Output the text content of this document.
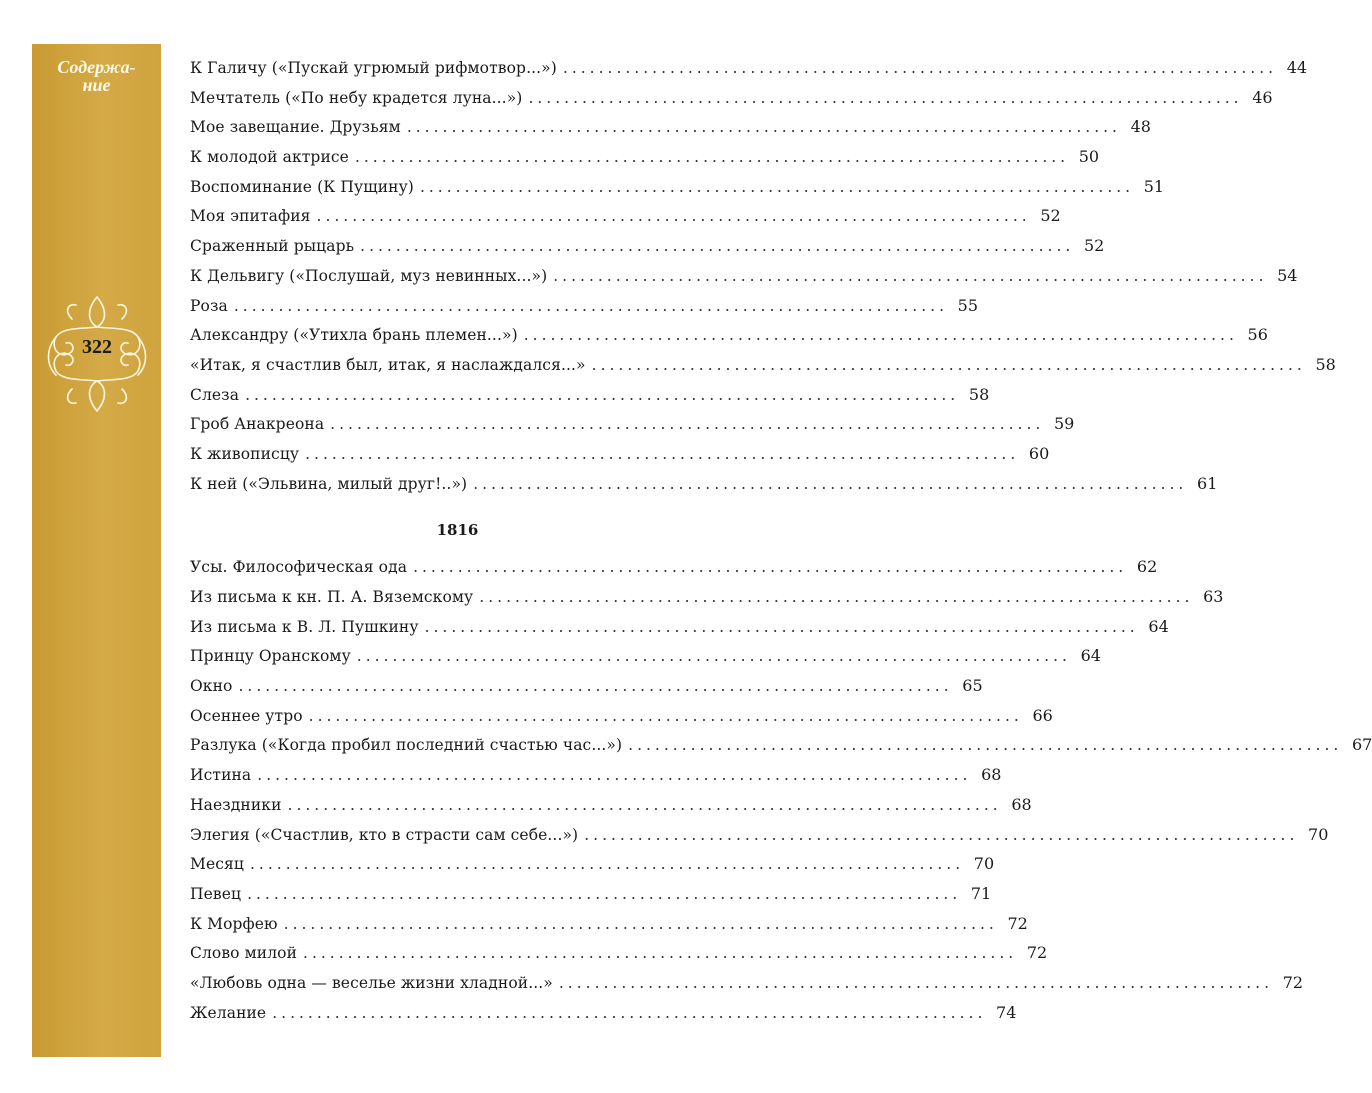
Содержа-
ние
322
К Галичу («Пускай угрюмый рифмотвор...») ................................................................................ 44
Мечтатель («По небу крадется луна...») ................................................................................ 46
Мое завещание. Друзьям ................................................................................ 48
К молодой актрисе ................................................................................ 50
Воспоминание (К Пущину) ................................................................................ 51
Моя эпитафия ................................................................................ 52
Сраженный рыцарь ................................................................................ 52
К Дельвигу («Послушай, муз невинных...») ................................................................................ 54
Роза ................................................................................ 55
Александру («Утихла брань племен...») ................................................................................ 56
«Итак, я счастлив был, итак, я наслаждался...» ................................................................................ 58
Слеза ................................................................................ 58
Гроб Анакреона ................................................................................ 59
К живописцу ................................................................................ 60
К ней («Эльвина, милый друг!..») ................................................................................ 61
1816
Усы. Философическая ода ................................................................................ 62
Из письма к кн. П. А. Вяземскому ................................................................................ 63
Из письма к В. Л. Пушкину ................................................................................ 64
Принцу Оранскому ................................................................................ 64
Окно ................................................................................ 65
Осеннее утро ................................................................................ 66
Разлука («Когда пробил последний счастью час...») ................................................................................ 67
Истина ................................................................................ 68
Наездники ................................................................................ 68
Элегия («Счастлив, кто в страсти сам себе...») ................................................................................ 70
Месяц ................................................................................ 70
Певец ................................................................................ 71
К Морфею ................................................................................ 72
Слово милой ................................................................................ 72
«Любовь одна — веселье жизни хладной...» ................................................................................ 72
Желание ................................................................................ 74
